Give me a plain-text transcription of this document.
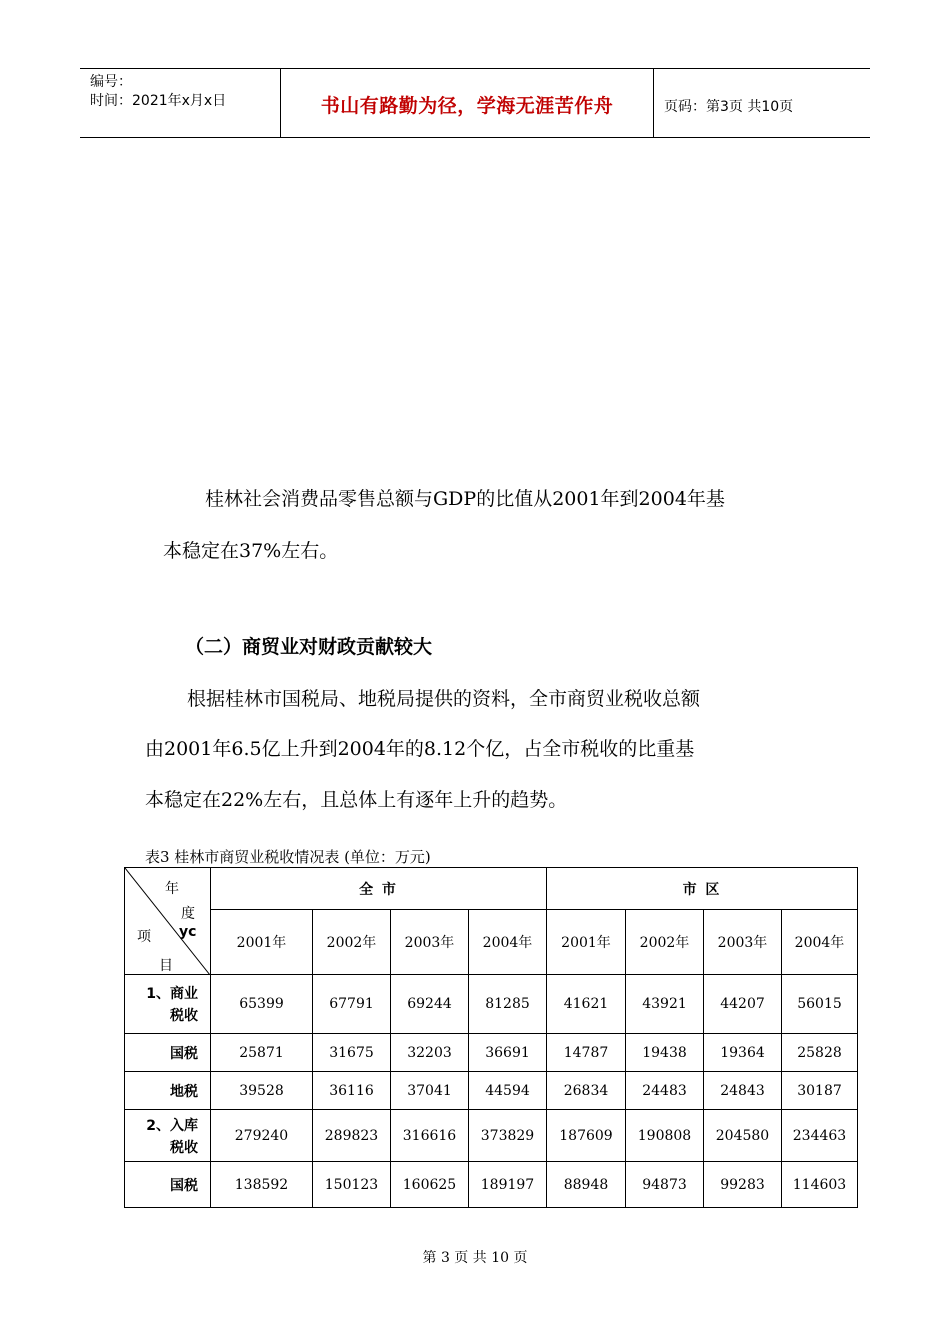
编号：
时间：2021年x月x日	书山有路勤为径，学海无涯苦作舟	页码：第3页 共10页
桂林社会消费品零售总额与GDP的比值从2001年到2004年基
本稳定在37%左右。
（二）商贸业对财政贡献较大
根据桂林市国税局、地税局提供的资料，全市商贸业税收总额
由2001年6.5亿上升到2004年的8.12个亿，占全市税收的比重基
本稳定在22%左右，且总体上有逐年上升的趋势。
表3 桂林市商贸业税收情况表 (单位：万元)
年
度
项 yc
目	全 市				市 区			
	2001年	2002年	2003年	2004年	2001年	2002年	2003年	2004年

1、商业
税收	65399	67791	69244	81285	41621	43921	44207	56015
国税	25871	31675	32203	36691	14787	19438	19364	25828
地税	39528	36116	37041	44594	26834	24483	24843	30187

2、入库
税收	279240	289823	316616	373829	187609	190808	204580	234463
国税	138592	150123	160625	189197	88948	94873	99283	114603
第 3 页 共 10 页
